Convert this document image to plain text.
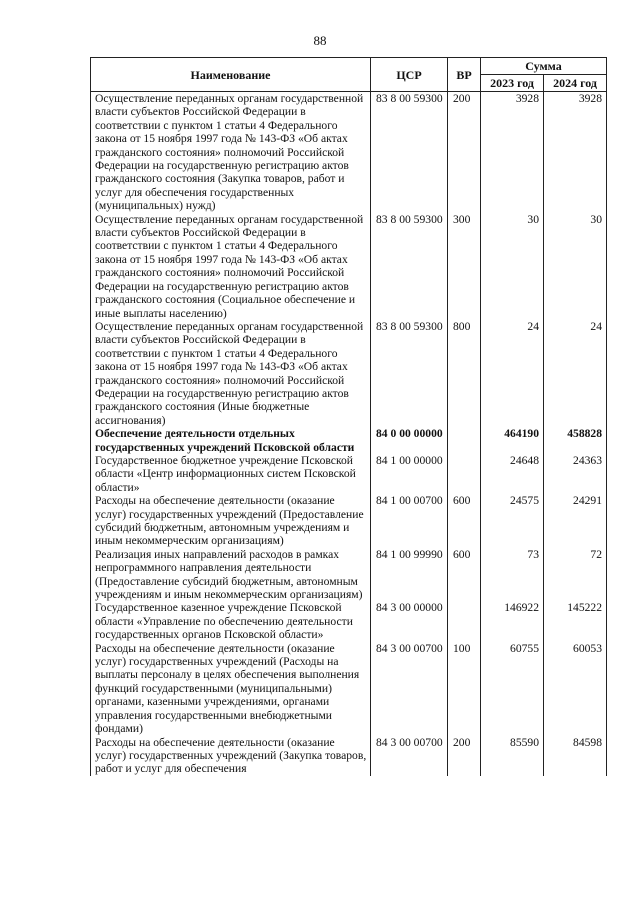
88
Наименование	ЦСР	ВР	Сумма	
			2023 год	2024 год
Осуществление переданных органам государственной власти субъектов Российской Федерации в соответствии с пунктом 1 статьи 4 Федерального закона от 15 ноября 1997 года № 143-ФЗ «Об актах гражданского состояния» полномочий Российской Федерации на государственную регистрацию актов гражданского состояния (Закупка товаров, работ и услуг для обеспечения государственных (муниципальных) нужд)	83 8 00 59300	200	3928	3928
Осуществление переданных органам государственной власти субъектов Российской Федерации в соответствии с пунктом 1 статьи 4 Федерального закона от 15 ноября 1997 года № 143-ФЗ «Об актах гражданского состояния» полномочий Российской Федерации на государственную регистрацию актов гражданского состояния (Социальное обеспечение и иные выплаты населению)	83 8 00 59300	300	30	30
Осуществление переданных органам государственной власти субъектов Российской Федерации в соответствии с пунктом 1 статьи 4 Федерального закона от 15 ноября 1997 года № 143-ФЗ «Об актах гражданского состояния» полномочий Российской Федерации на государственную регистрацию актов гражданского состояния (Иные бюджетные ассигнования)	83 8 00 59300	800	24	24
Обеспечение деятельности отдельных государственных учреждений Псковской области	84 0 00 00000		464190	458828
Государственное бюджетное учреждение Псковской области «Центр информационных систем Псковской области»	84 1 00 00000		24648	24363
Расходы на обеспечение деятельности (оказание услуг) государственных учреждений (Предоставление субсидий бюджетным, автономным учреждениям и иным некоммерческим организациям)	84 1 00 00700	600	24575	24291
Реализация иных направлений расходов в рамках непрограммного направления деятельности (Предоставление субсидий бюджетным, автономным учреждениям и иным некоммерческим организациям)	84 1 00 99990	600	73	72
Государственное казенное учреждение Псковской области «Управление по обеспечению деятельности государственных органов Псковской области»	84 3 00 00000		146922	145222
Расходы на обеспечение деятельности (оказание услуг) государственных учреждений (Расходы на выплаты персоналу в целях обеспечения выполнения функций государственными (муниципальными) органами, казенными учреждениями, органами управления государственными внебюджетными фондами)	84 3 00 00700	100	60755	60053
Расходы на обеспечение деятельности (оказание услуг) государственных учреждений (Закупка товаров, работ и услуг для обеспечения	84 3 00 00700	200	85590	84598
